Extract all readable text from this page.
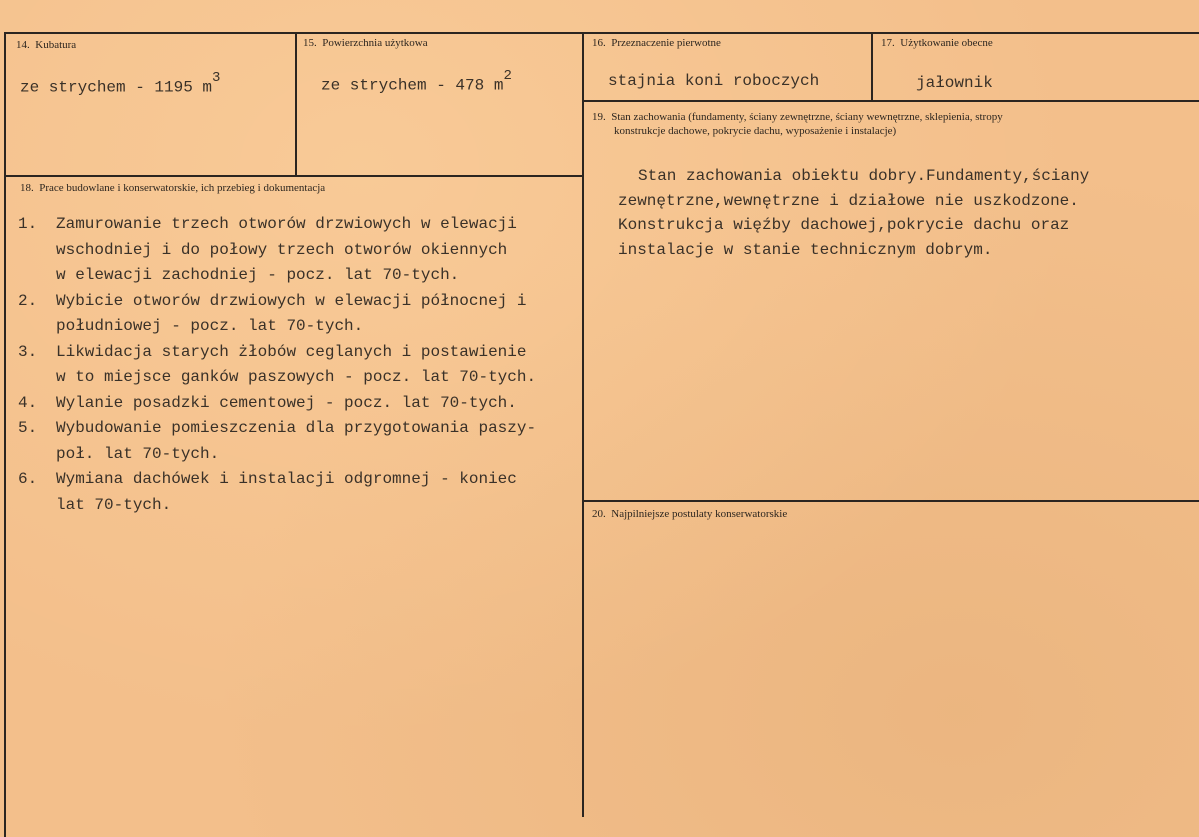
14. Kubatura
ze strychem - 1195 $m^3$
15. Powierzchnia użytkowa
ze strychem - 478 $m^2$
16. Przeznaczenie pierwotne
stajnia koni roboczych
17. Użytkowanie obecne
jałownik
18. Prace budowlane i konserwatorskie, ich przebieg i dokumentacja
1. Zamurowanie trzech otworów drzwiowych w elewacji
wschodniej i do połowy trzech otworów okiennych
w elewacji zachodniej - pocz. lat 70-tych.
2. Wybicie otworów drzwiowych w elewacji północnej i
południowej - pocz. lat 70-tych.
3. Likwidacja starych żłobów ceglanych i postawienie
w to miejsce ganków paszowych - pocz. lat 70-tych.
4. Wylanie posadzki cementowej - pocz. lat 70-tych.
5. Wybudowanie pomieszczenia dla przygotowania paszy-
poł. lat 70-tych.
6. Wymiana dachówek i instalacji odgromnej - koniec
lat 70-tych.
19. Stan zachowania (fundamenty, ściany zewnętrzne, ściany wewnętrzne, sklepienia, stropy
konstrukcje dachowe, pokrycie dachu, wyposażenie i instalacje)
Stan zachowania obiektu dobry.Fundamenty,ściany
zewnętrzne,wewnętrzne i działowe nie uszkodzone.
Konstrukcja więźby dachowej,pokrycie dachu oraz
instalacje w stanie technicznym dobrym.
20. Najpilniejsze postulaty konserwatorskie
